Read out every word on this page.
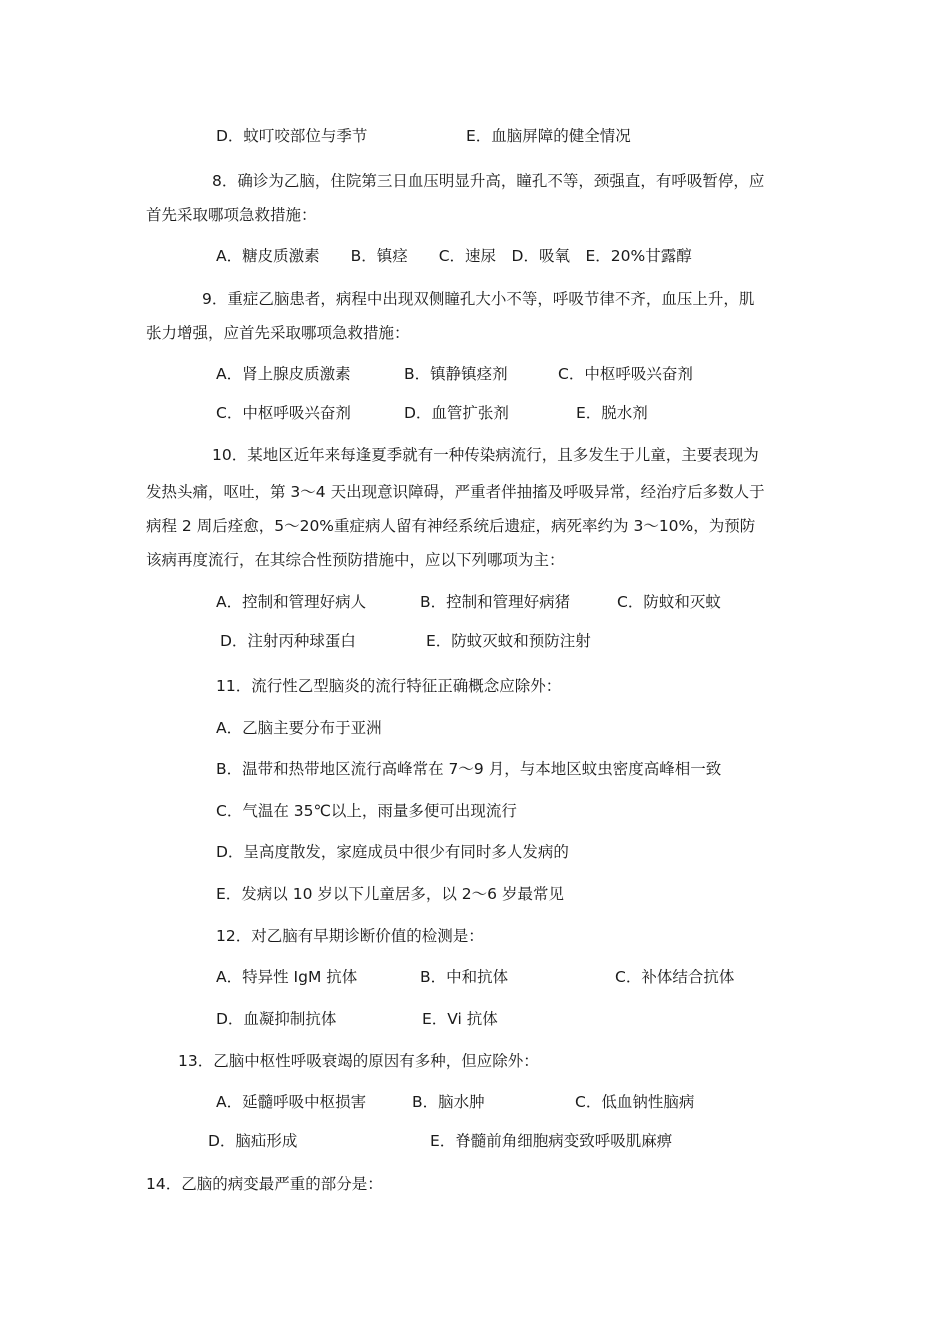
D．蚊叮咬部位与季节	E．血脑屏障的健全情况
8．确诊为乙脑，住院第三日血压明显升高，瞳孔不等，颈强直，有呼吸暂停，应
首先采取哪项急救措施：
A．糖皮质激素　　B．镇痉　　C．速尿　D．吸氧　E．20%甘露醇
9．重症乙脑患者，病程中出现双侧瞳孔大小不等，呼吸节律不齐，血压上升，肌
张力增强，应首先采取哪项急救措施：
A．肾上腺皮质激素	B．镇静镇痉剂	C．中枢呼吸兴奋剂
C．中枢呼吸兴奋剂	D．血管扩张剂	E．脱水剂
10．某地区近年来每逢夏季就有一种传染病流行，且多发生于儿童，主要表现为
发热头痛，呕吐，第 3～4 天出现意识障碍，严重者伴抽搐及呼吸异常，经治疗后多数人于
病程 2 周后痊愈，5～20%重症病人留有神经系统后遗症，病死率约为 3～10%，为预防
该病再度流行，在其综合性预防措施中，应以下列哪项为主：
A．控制和管理好病人	B．控制和管理好病猪	C．防蚊和灭蚊
D．注射丙种球蛋白	E．防蚊灭蚊和预防注射
11．流行性乙型脑炎的流行特征正确概念应除外：
A．乙脑主要分布于亚洲
B．温带和热带地区流行高峰常在 7～9 月，与本地区蚊虫密度高峰相一致
C．气温在 35℃以上，雨量多便可出现流行
D．呈高度散发，家庭成员中很少有同时多人发病的
E．发病以 10 岁以下儿童居多，以 2～6 岁最常见
12．对乙脑有早期诊断价值的检测是：
A．特异性 IgM 抗体	B．中和抗体	C．补体结合抗体
D．血凝抑制抗体	E．Vi 抗体
13．乙脑中枢性呼吸衰竭的原因有多种，但应除外：
A．延髓呼吸中枢损害	B．脑水肿	C．低血钠性脑病
D．脑疝形成	E．脊髓前角细胞病变致呼吸肌麻痹
14．乙脑的病变最严重的部分是：
